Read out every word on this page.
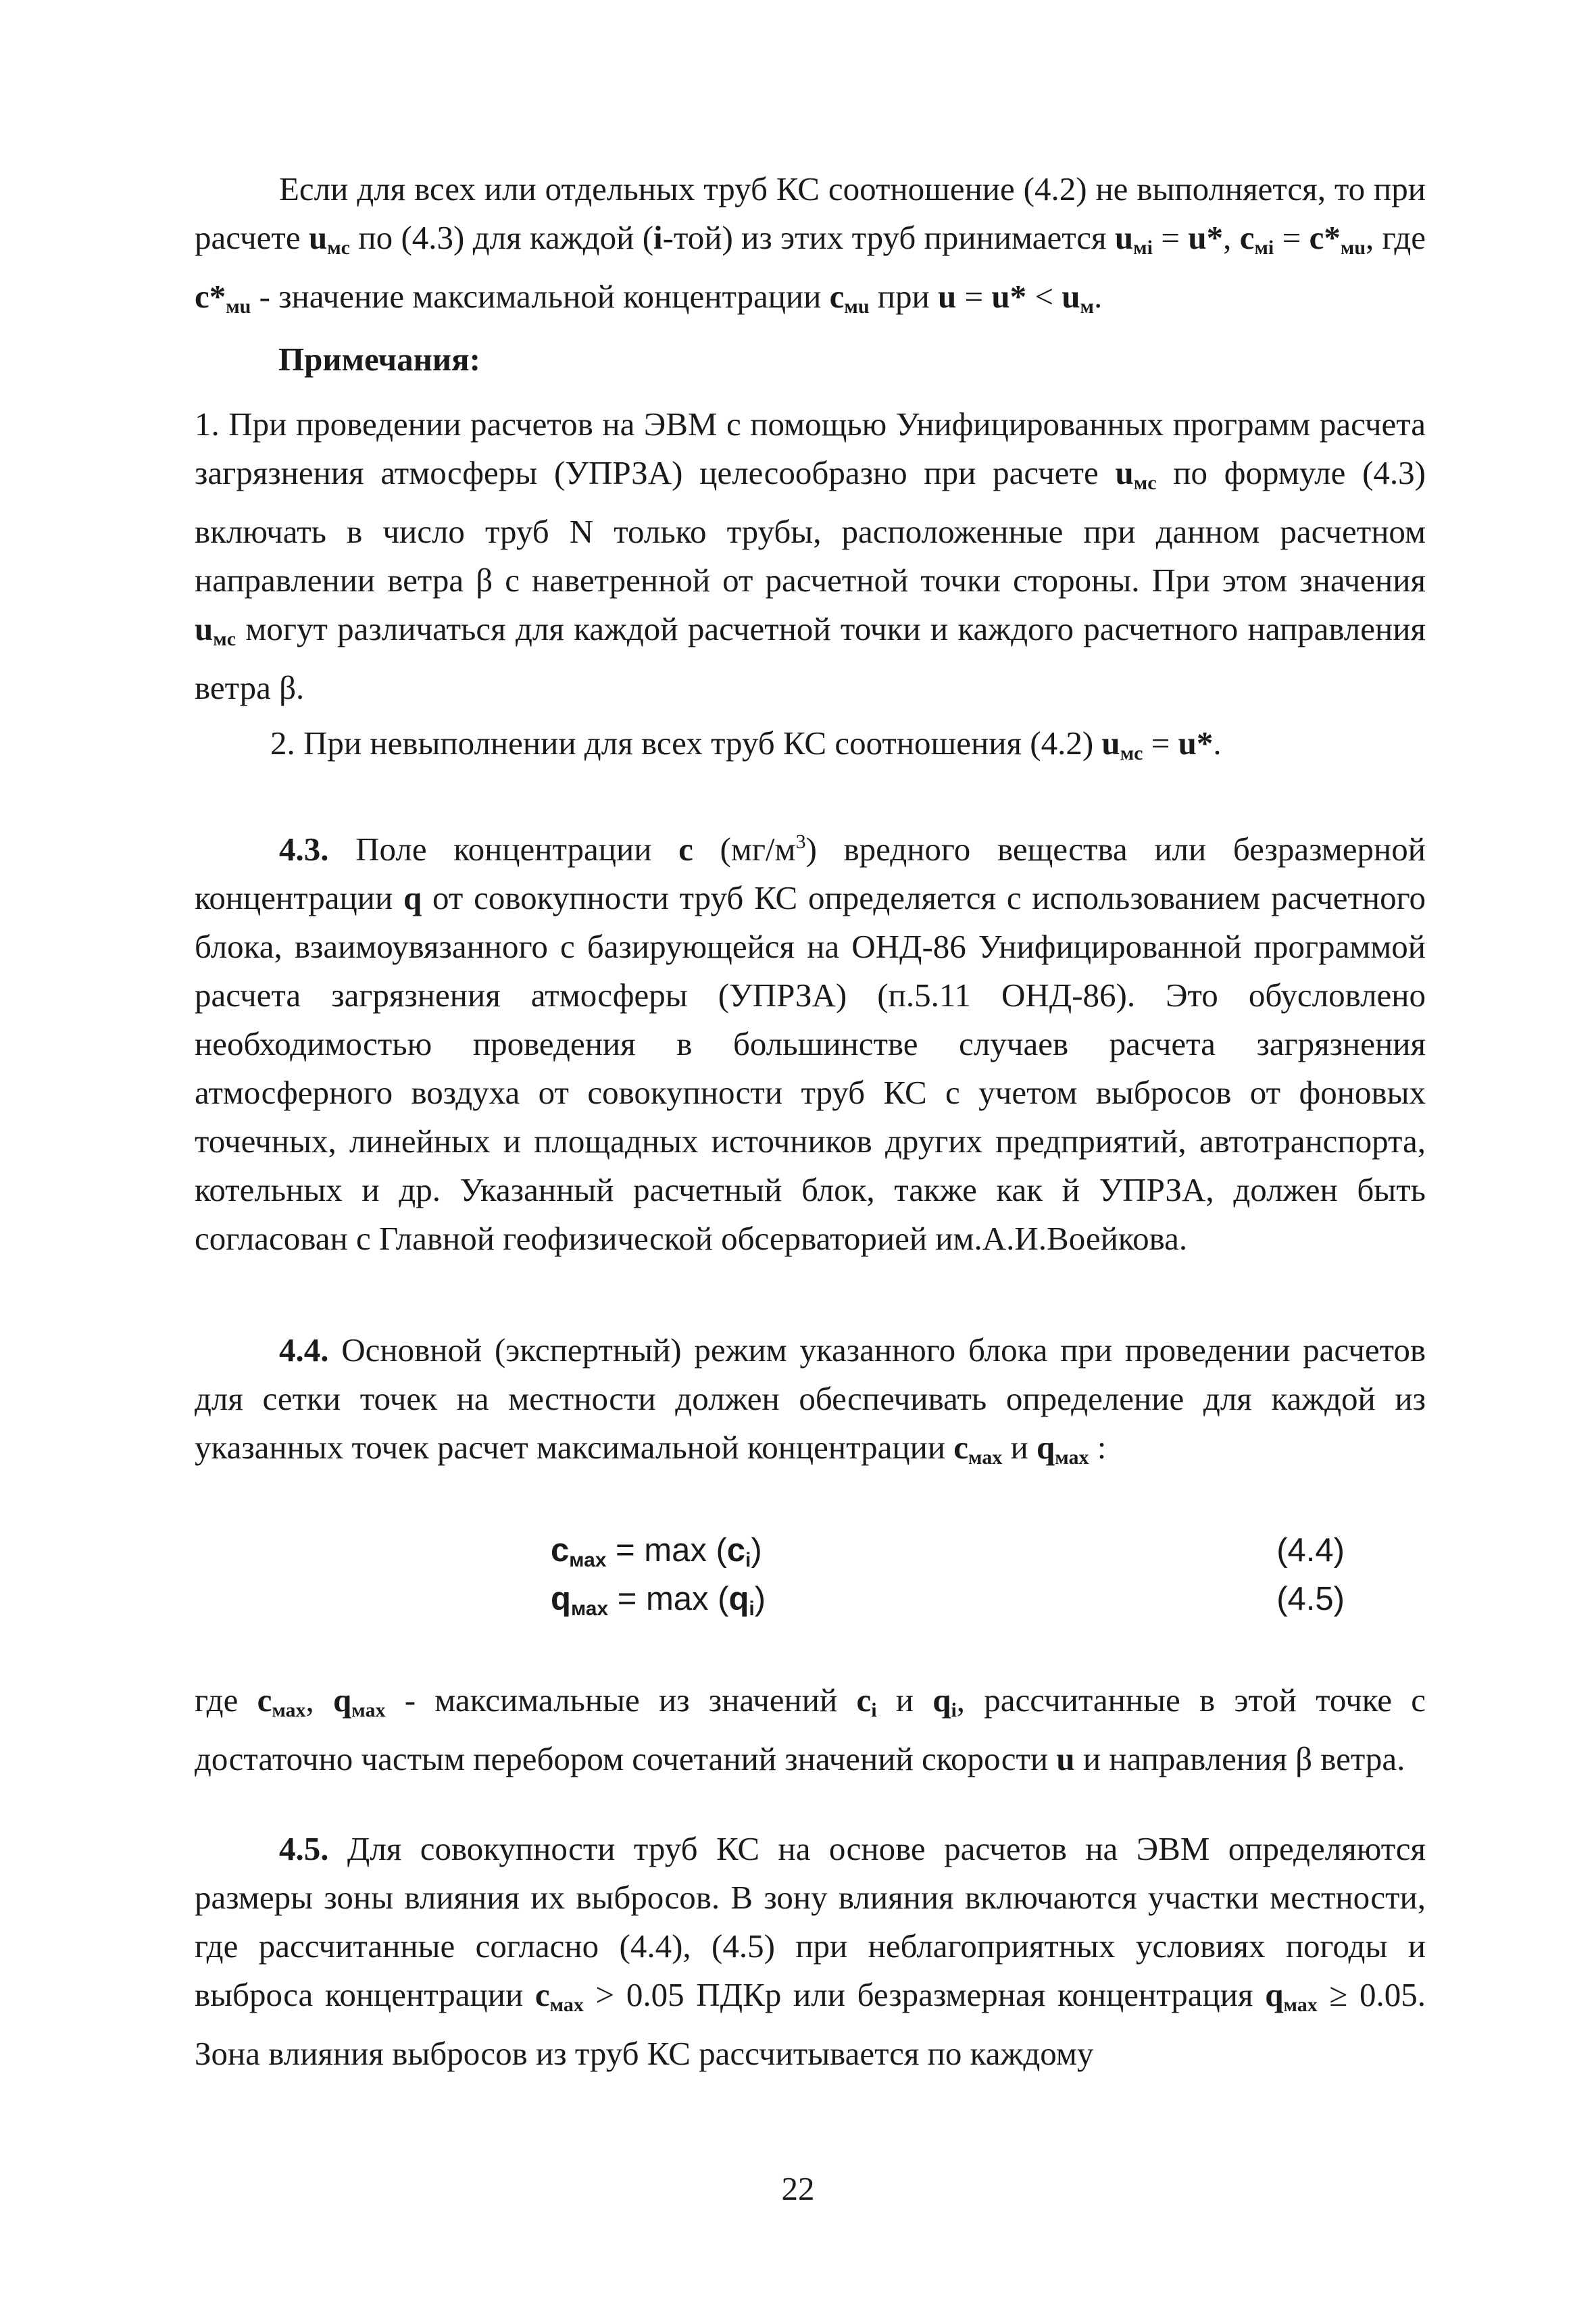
Если для всех или отдельных труб КС соотношение (4.2) не выполняется, то при расчете $u_{мс}$ по (4.3) для каждой (i-той) из этих труб принимается $u_{мi} = u*$, $c_{мi} = c*_{мu}$, где $c*_{мu}$ - значение максимальной концентрации $c_{мu}$ при $u = u* < u_м$.
Примечания:
1. При проведении расчетов на ЭВМ с помощью Унифицированных программ расчета загрязнения атмосферы (УПРЗА) целесообразно при расчете $u_{мс}$ по формуле (4.3) включать в число труб N только трубы, расположенные при данном расчетном направлении ветра β с наветренной от расчетной точки стороны. При этом значения $u_{мс}$ могут различаться для каждой расчетной точки и каждого расчетного направления ветра β.
2. При невыполнении для всех труб КС соотношения (4.2) $u_{мс} = u*$.
4.3. Поле концентрации c $(мг/м^3)$ вредного вещества или безразмерной концентрации q от совокупности труб КС определяется с использованием расчетного блока, взаимоувязанного с базирующейся на ОНД-86 Унифицированной программой расчета загрязнения атмосферы (УПРЗА) (п.5.11 ОНД-86). Это обусловлено необходимостью проведения в большинстве случаев расчета загрязнения атмосферного воздуха от совокупности труб КС с учетом выбросов от фоновых точечных, линейных и площадных источников других предприятий, автотранспорта, котельных и др. Указанный расчетный блок, также как й УПРЗА, должен быть согласован с Главной геофизической обсерваторией им.А.И.Воейкова.
4.4. Основной (экспертный) режим указанного блока при проведении расчетов для сетки точек на местности должен обеспечивать определение для каждой из указанных точек расчет максимальной концентрации $c_{мах}$ и $q_{мах}$ :
$c_{мах} = \max (c_i)$	(4.4)
$q_{мах} = \max (q_i)$	(4.5)
где $c_{мах}$, $q_{мах}$ - максимальные из значений $c_i$ и $q_i$, рассчитанные в этой точке с достаточно частым перебором сочетаний значений скорости u и направления β ветра.
4.5. Для совокупности труб КС на основе расчетов на ЭВМ определяются размеры зоны влияния их выбросов. В зону влияния включаются участки местности, где рассчитанные согласно (4.4), (4.5) при неблагоприятных условиях погоды и выброса концентрации $c_{мах} > 0.05$ ПДКр или безразмерная концентрация $q_{мах} \ge 0.05$. Зона влияния выбросов из труб КС рассчитывается по каждому
22
